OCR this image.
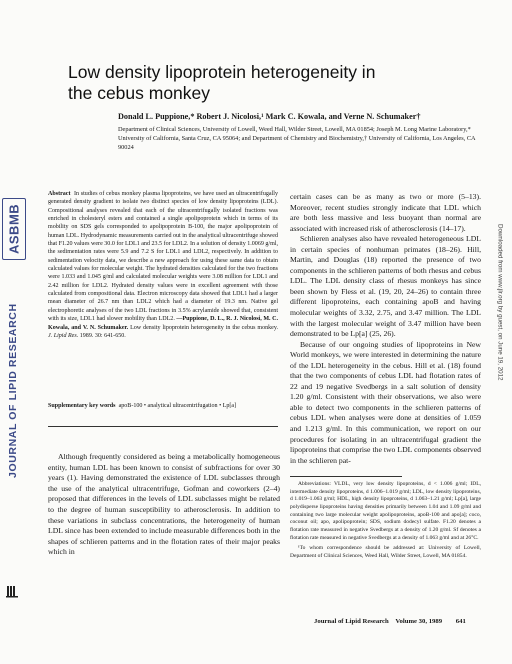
ASBMB
JOURNAL OF LIPID RESEARCH
Downloaded from www.jlr.org by guest, on June 19, 2012
Low density lipoprotein heterogeneity in the cebus monkey
Donald L. Puppione,* Robert J. Nicolosi,¹ Mark C. Kowala, and Verne N. Schumaker†
Department of Clinical Sciences, University of Lowell, Weed Hall, Wilder Street, Lowell, MA 01854; Joseph M. Long Marine Laboratory,* University of California, Santa Cruz, CA 95064; and Department of Chemistry and Biochemistry,† University of California, Los Angeles, CA 90024
Abstract In studies of cebus monkey plasma lipoproteins, we have used an ultracentrifugally generated density gradient to isolate two distinct species of low density lipoproteins (LDL). Compositional analyses revealed that each of the ultracentrifugally isolated fractions was enriched in cholesteryl esters and contained a single apolipoprotein which in terms of its mobility on SDS gels corresponded to apolipoprotein B-100, the major apolipoprotein of human LDL. Hydrodynamic measurements carried out in the analytical ultracentrifuge showed that F1.20 values were 30.0 for LDL1 and 23.5 for LDL2. In a solution of density 1.0069 g/ml, the sedimentation rates were 5.9 and 7.2 S for LDL1 and LDL2, respectively. In addition to sedimentation velocity data, we describe a new approach for using these same data to obtain calculated values for molecular weight. The hydrated densities calculated for the two fractions were 1.033 and 1.045 g/ml and calculated molecular weights were 3.08 million for LDL1 and 2.42 million for LDL2. Hydrated density values were in excellent agreement with those calculated from compositional data. Electron microscopy data showed that LDL1 had a larger mean diameter of 26.7 nm than LDL2 which had a diameter of 19.3 nm. Native gel electrophoretic analyses of the two LDL fractions in 3.5% acrylamide showed that, consistent with its size, LDL1 had slower mobility than LDL2. —Puppione, D. L., R. J. Nicolosi, M. C. Kowala, and V. N. Schumaker. Low density lipoprotein heterogeneity in the cebus monkey. J. Lipid Res. 1989. 30: 641-650.
Supplementary key words apoB-100 • analytical ultracentrifugation • Lp[a]
Although frequently considered as being a metabolically homogeneous entity, human LDL has been known to consist of subfractions for over 30 years (1). Having demonstrated the existence of LDL subclasses through the use of the analytical ultracentrifuge, Gofman and coworkers (2–4) proposed that differences in the levels of LDL subclasses might be related to the degree of human susceptibility to atherosclerosis. In addition to these variations in subclass concentrations, the heterogeneity of human LDL since has been extended to include measurable differences both in the shapes of schlieren patterns and in the flotation rates of their major peaks which in

certain cases can be as many as two or more (5–13). Moreover, recent studies strongly indicate that LDL which are both less massive and less buoyant than normal are associated with increased risk of atherosclerosis (14–17).

Schlieren analyses also have revealed heterogeneous LDL in certain species of nonhuman primates (18–26). Hill, Martin, and Douglas (18) reported the presence of two components in the schlieren patterns of both rhesus and cebus LDL. The LDL density class of rhesus monkeys has since been shown by Fless et al. (19, 20, 24–26) to contain three different lipoproteins, each containing apoB and having molecular weights of 3.32, 2.75, and 3.47 million. The LDL with the largest molecular weight of 3.47 million have been demonstrated to be Lp[a] (25, 26).

Because of our ongoing studies of lipoproteins in New World monkeys, we were interested in determining the nature of the LDL heterogeneity in the cebus. Hill et al. (18) found that the two components of cebus LDL had flotation rates of 22 and 19 negative Svedbergs in a salt solution of density 1.20 g/ml. Consistent with their observations, we also were able to detect two components in the schlieren patterns of cebus LDL when analyses were done at densities of 1.059 and 1.213 g/ml. In this communication, we report on our procedures for isolating in an ultracentrifugal gradient the lipoproteins that comprise the two LDL components observed in the schlieren pat-

Abbreviations: VLDL, very low density lipoproteins, d < 1.006 g/ml; IDL, intermediate density lipoproteins, d 1.006–1.019 g/ml; LDL, low density lipoproteins, d 1.019–1.063 g/ml; HDL, high density lipoproteins, d 1.063–1.21 g/ml; Lp[a], large polydisperse lipoproteins having densities primarily between 1.04 and 1.09 g/ml and containing two large molecular weight apolipoproteins, apoB-100 and apo[a]; coco, coconut oil; apo, apolipoprotein; SDS, sodium dodecyl sulfate. F1.20 denotes a flotation rate measured in negative Svedbergs at a density of 1.20 g/ml. Sf denotes a flotation rate measured in negative Svedbergs at a density of 1.063 g/ml and at 26°C.

¹To whom correspondence should be addressed at: University of Lowell, Department of Clinical Sciences, Weed Hall, Wilder Street, Lowell, MA 01854.

Journal of Lipid Research Volume 30, 1989 641
